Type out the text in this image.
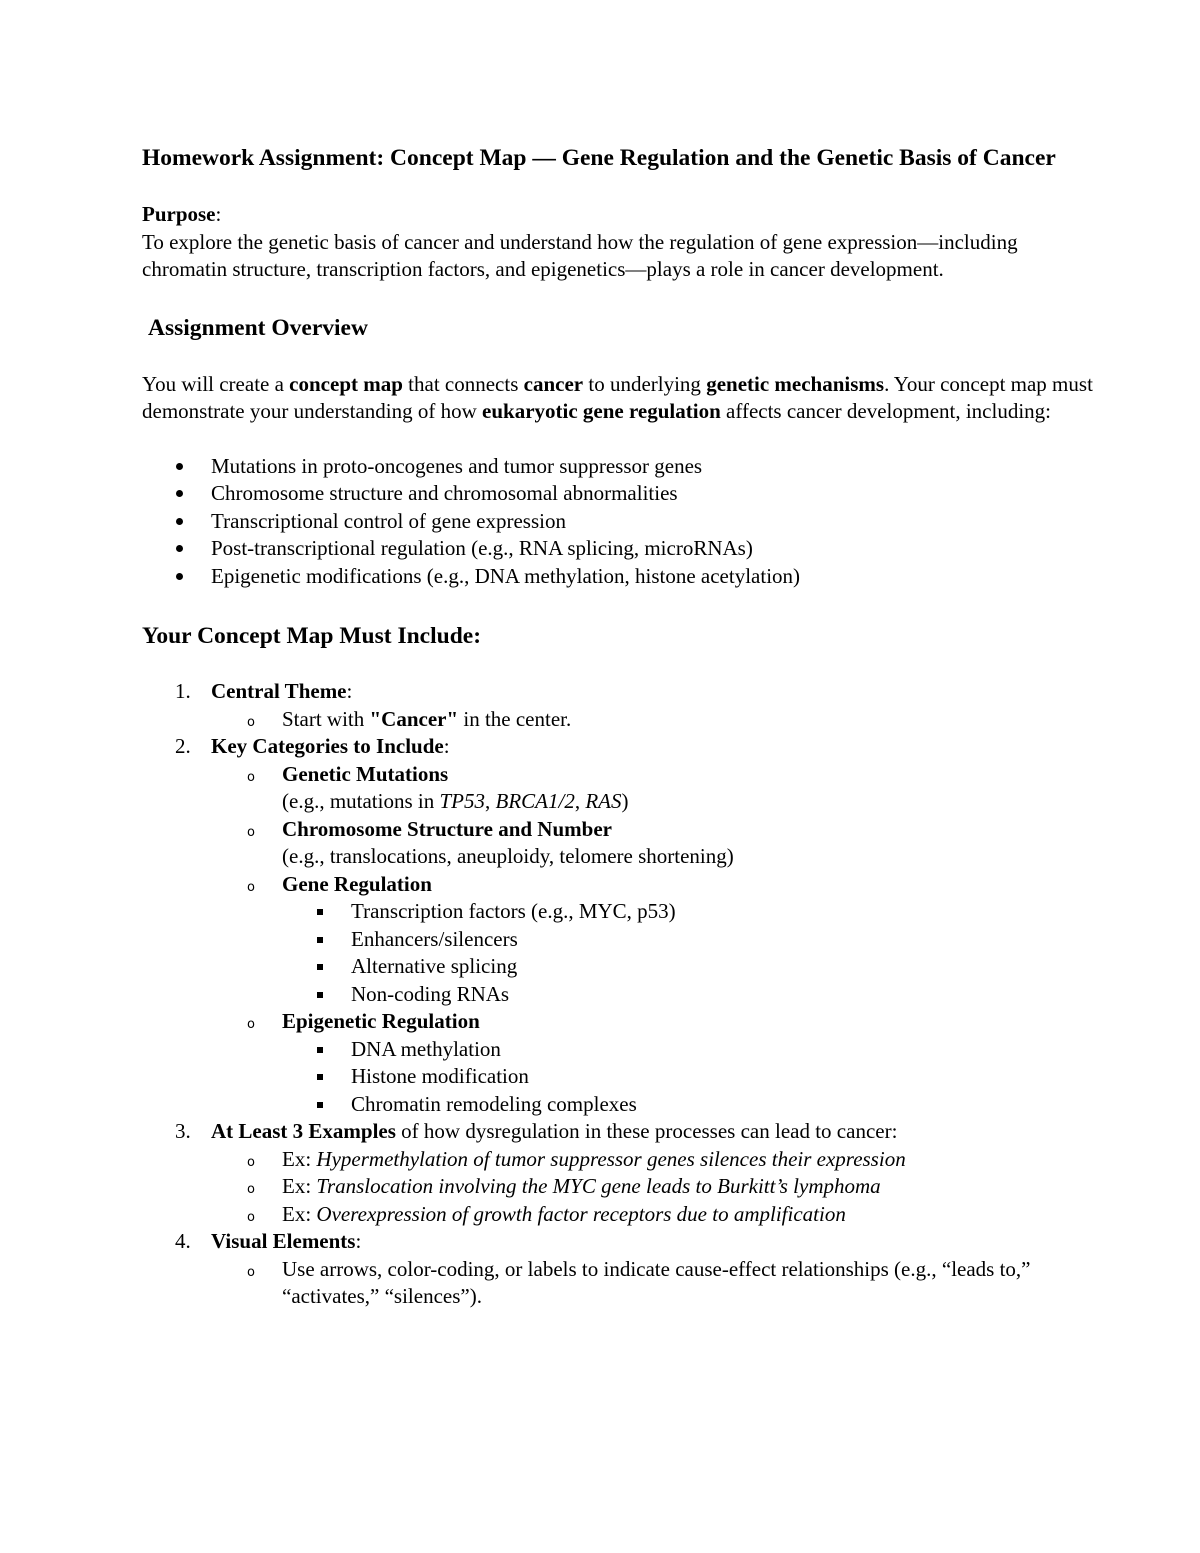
Homework Assignment: Concept Map — Gene Regulation and the Genetic Basis of Cancer
Purpose:

To explore the genetic basis of cancer and understand how the regulation of gene expression—including chromatin structure, transcription factors, and epigenetics—plays a role in cancer development.

Assignment Overview

You will create a concept map that connects cancer to underlying genetic mechanisms. Your concept map must demonstrate your understanding of how eukaryotic gene regulation affects cancer development, including:

Mutations in proto-oncogenes and tumor suppressor genes
Chromosome structure and chromosomal abnormalities
Transcriptional control of gene expression
Post-transcriptional regulation (e.g., RNA splicing, microRNAs)
Epigenetic modifications (e.g., DNA methylation, histone acetylation)
Your Concept Map Must Include:
1. Central Theme:
o Start with "Cancer" in the center.
2. Key Categories to Include:
o Genetic Mutations
(e.g., mutations in TP53, BRCA1/2, RAS)
o Chromosome Structure and Number
(e.g., translocations, aneuploidy, telomere shortening)
o Gene Regulation
Transcription factors (e.g., MYC, p53)
Enhancers/silencers
Alternative splicing
Non-coding RNAs
o Epigenetic Regulation
DNA methylation
Histone modification
Chromatin remodeling complexes
3. At Least 3 Examples of how dysregulation in these processes can lead to cancer:
o Ex: Hypermethylation of tumor suppressor genes silences their expression
o Ex: Translocation involving the MYC gene leads to Burkitt’s lymphoma
o Ex: Overexpression of growth factor receptors due to amplification
4. Visual Elements:
o Use arrows, color-coding, or labels to indicate cause-effect relationships (e.g., “leads to,” “activates,” “silences”).
